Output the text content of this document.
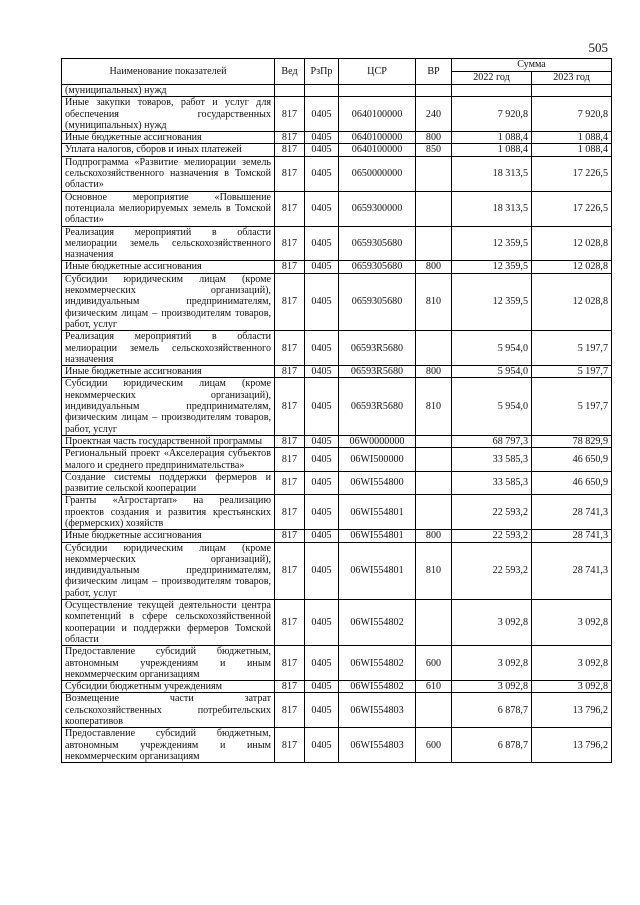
505
Наименование показателей	Вед	РзПр	ЦСР	ВР	Сумма	
					2022 год	2023 год
(муниципальных) нужд						
Иные закупки товаров, работ и услуг для обеспечения государственных (муниципальных) нужд	817	0405	0640100000	240	7 920,8	7 920,8
Иные бюджетные ассигнования	817	0405	0640100000	800	1 088,4	1 088,4
Уплата налогов, сборов и иных платежей	817	0405	0640100000	850	1 088,4	1 088,4
Подпрограмма «Развитие мелиорации земель сельскохозяйственного назначения в Томской области»	817	0405	0650000000		18 313,5	17 226,5
Основное мероприятие «Повышение потенциала мелиорируемых земель в Томской области»	817	0405	0659300000		18 313,5	17 226,5
Реализация мероприятий в области мелиорации земель сельскохозяйственного назначения	817	0405	0659305680		12 359,5	12 028,8
Иные бюджетные ассигнования	817	0405	0659305680	800	12 359,5	12 028,8
Субсидии юридическим лицам (кроме некоммерческих организаций), индивидуальным предпринимателям, физическим лицам – производителям товаров, работ, услуг	817	0405	0659305680	810	12 359,5	12 028,8
Реализация мероприятий в области мелиорации земель сельскохозяйственного назначения	817	0405	06593R5680		5 954,0	5 197,7
Иные бюджетные ассигнования	817	0405	06593R5680	800	5 954,0	5 197,7
Субсидии юридическим лицам (кроме некоммерческих организаций), индивидуальным предпринимателям, физическим лицам – производителям товаров, работ, услуг	817	0405	06593R5680	810	5 954,0	5 197,7
Проектная часть государственной программы	817	0405	06W0000000		68 797,3	78 829,9
Региональный проект «Акселерация субъектов малого и среднего предпринимательства»	817	0405	06WI500000		33 585,3	46 650,9
Создание системы поддержки фермеров и развитие сельской кооперации	817	0405	06WI554800		33 585,3	46 650,9
Гранты «Агростартап» на реализацию проектов создания и развития крестьянских (фермерских) хозяйств	817	0405	06WI554801		22 593,2	28 741,3
Иные бюджетные ассигнования	817	0405	06WI554801	800	22 593,2	28 741,3
Субсидии юридическим лицам (кроме некоммерческих организаций), индивидуальным предпринимателям, физическим лицам – производителям товаров, работ, услуг	817	0405	06WI554801	810	22 593,2	28 741,3
Осуществление текущей деятельности центра компетенций в сфере сельскохозяйственной кооперации и поддержки фермеров Томской области	817	0405	06WI554802		3 092,8	3 092,8
Предоставление субсидий бюджетным, автономным учреждениям и иным некоммерческим организациям	817	0405	06WI554802	600	3 092,8	3 092,8
Субсидии бюджетным учреждениям	817	0405	06WI554802	610	3 092,8	3 092,8
Возмещение части затрат сельскохозяйственных потребительских кооперативов	817	0405	06WI554803		6 878,7	13 796,2
Предоставление субсидий бюджетным, автономным учреждениям и иным некоммерческим организациям	817	0405	06WI554803	600	6 878,7	13 796,2
